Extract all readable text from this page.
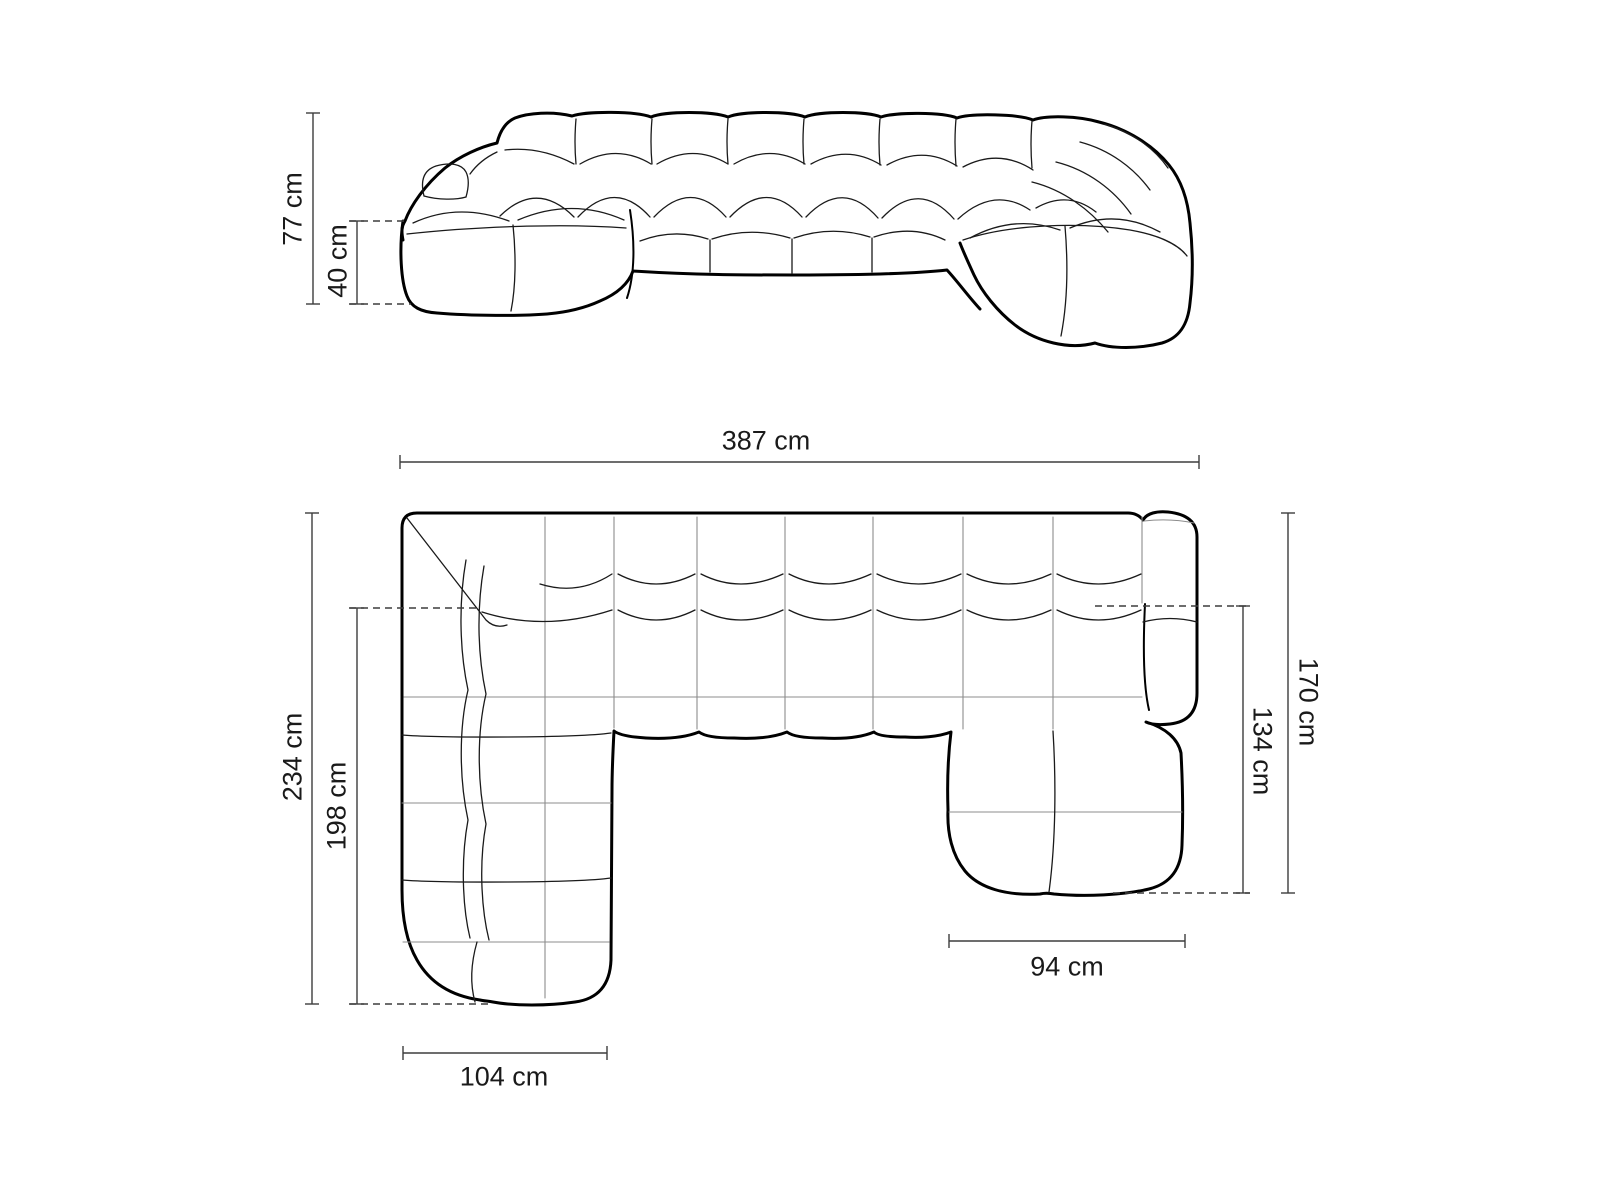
77 cm
40 cm
387 cm
234 cm
198 cm
170 cm
134 cm
104 cm
94 cm
